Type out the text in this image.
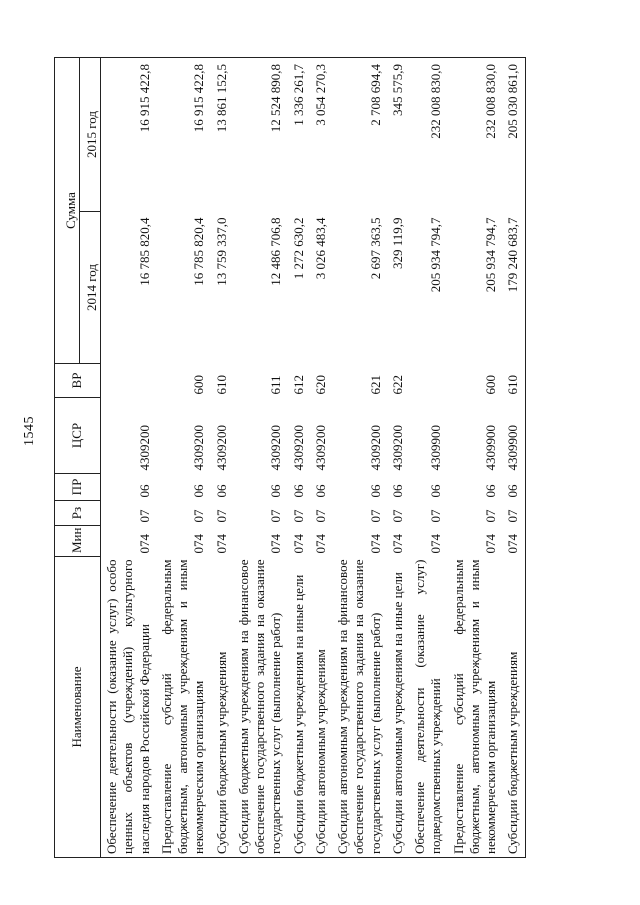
1545
Наименование	Мин	Рз	ПР	ЦСР	ВР	Сумма	
						2014 год	2015 год
Обеспечение деятельности (оказание услуг) особо ценных объектов (учреждений) культурного наследия народов Российской Федерации	074	07	06	4309200		16 785 820,4	16 915 422,8
Предоставление субсидий федеральным бюджетным, автономным учреждениям и иным некоммерческим организациям	074	07	06	4309200	600	16 785 820,4	16 915 422,8
Субсидии бюджетным учреждениям	074	07	06	4309200	610	13 759 337,0	13 861 152,5
Субсидии бюджетным учреждениям на финансовое обеспечение государственного задания на оказание государственных услуг (выполнение работ)	074	07	06	4309200	611	12 486 706,8	12 524 890,8
Субсидии бюджетным учреждениям на иные цели	074	07	06	4309200	612	1 272 630,2	1 336 261,7
Субсидии автономным учреждениям	074	07	06	4309200	620	3 026 483,4	3 054 270,3
Субсидии автономным учреждениям на финансовое обеспечение государственного задания на оказание государственных услуг (выполнение работ)	074	07	06	4309200	621	2 697 363,5	2 708 694,4
Субсидии автономным учреждениям на иные цели	074	07	06	4309200	622	329 119,9	345 575,9
Обеспечение деятельности (оказание услуг) подведомственных учреждений	074	07	06	4309900		205 934 794,7	232 008 830,0
Предоставление субсидий федеральным бюджетным, автономным учреждениям и иным некоммерческим организациям	074	07	06	4309900	600	205 934 794,7	232 008 830,0
Субсидии бюджетным учреждениям	074	07	06	4309900	610	179 240 683,7	205 030 861,0
